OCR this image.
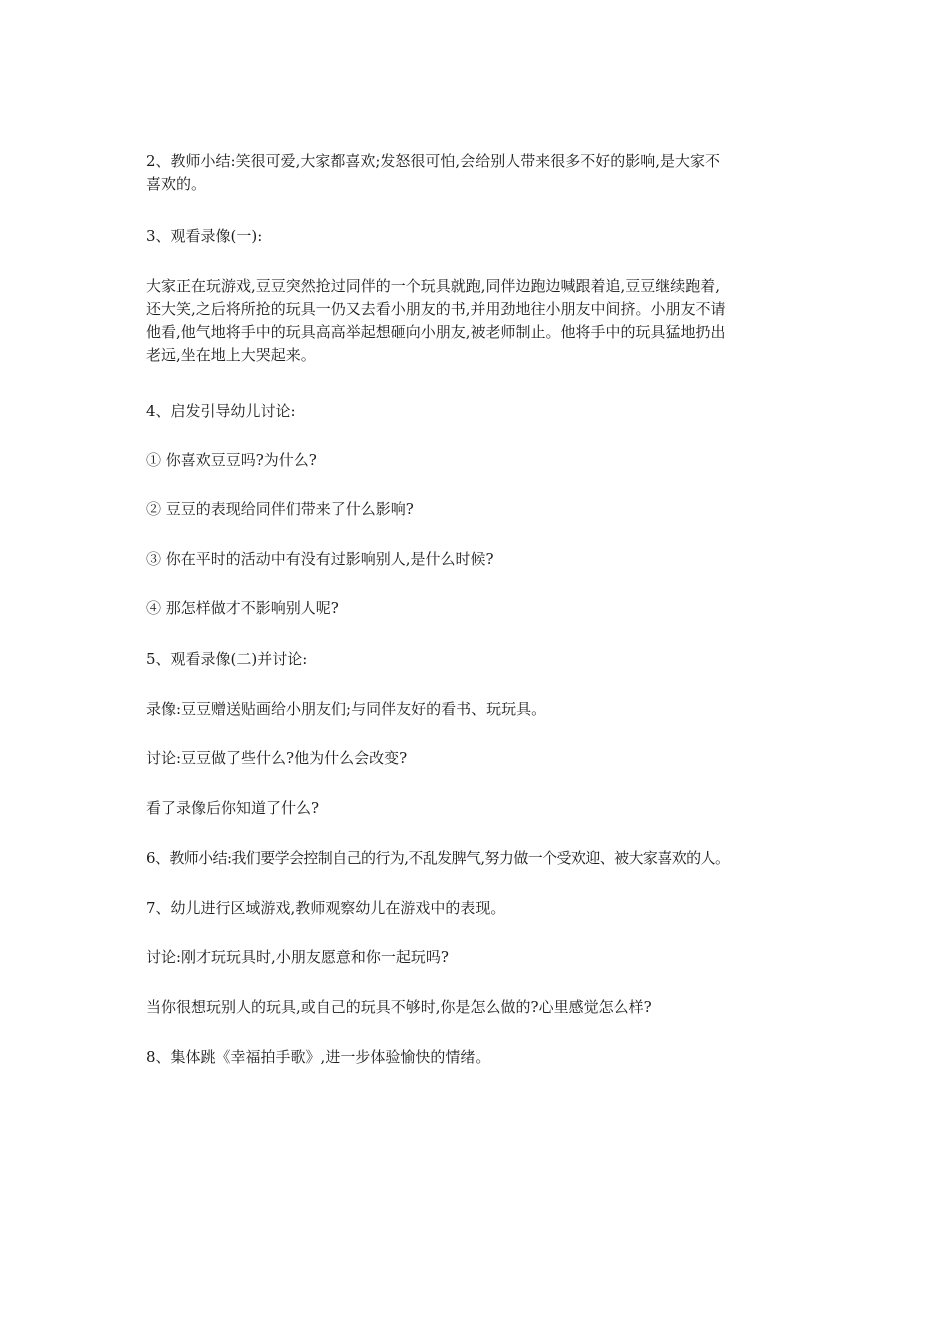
2、教师小结:笑很可爱,大家都喜欢;发怒很可怕,会给别人带来很多不好的影响,是大家不
喜欢的。

3、观看录像(一):

大家正在玩游戏,豆豆突然抢过同伴的一个玩具就跑,同伴边跑边喊跟着追,豆豆继续跑着,
还大笑,之后将所抢的玩具一仍又去看小朋友的书,并用劲地往小朋友中间挤。小朋友不请
他看,他气地将手中的玩具高高举起想砸向小朋友,被老师制止。他将手中的玩具猛地扔出
老远,坐在地上大哭起来。

4、启发引导幼儿讨论:

① 你喜欢豆豆吗?为什么?

② 豆豆的表现给同伴们带来了什么影响?

③ 你在平时的活动中有没有过影响别人,是什么时候?

④ 那怎样做才不影响别人呢?

5、观看录像(二)并讨论:

录像:豆豆赠送贴画给小朋友们;与同伴友好的看书、玩玩具。

讨论:豆豆做了些什么?他为什么会改变?

看了录像后你知道了什么?

6、教师小结:我们要学会控制自己的行为,不乱发脾气,努力做一个受欢迎、被大家喜欢的人。

7、幼儿进行区域游戏,教师观察幼儿在游戏中的表现。

讨论:刚才玩玩具时,小朋友愿意和你一起玩吗?

当你很想玩别人的玩具,或自己的玩具不够时,你是怎么做的?心里感觉怎么样?

8、集体跳《幸福拍手歌》,进一步体验愉快的情绪。
